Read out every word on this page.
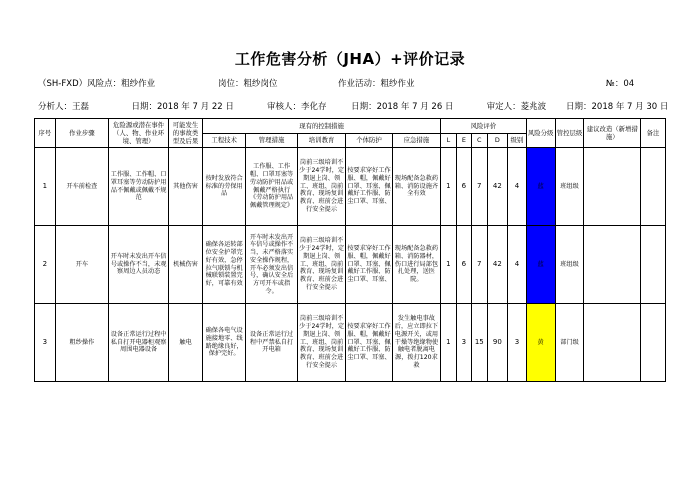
工作危害分析（JHA）+评价记录
（SH-FXD）风险点：粗纱作业	岗位：粗纱岗位	作业活动：粗纱作业	№：04
分析人：王磊	日期：2018 年 7 月 22 日	审核人：李化存	日期：2018 年 7 月 26 日	审定人：菱兆波	日期：2018 年 7 月 30 日
序号	作业步骤	危险源或潜在事件（人、物、作业环境、管理）	可能发生的事故类型及后果	现有的控制措施					风险评价					风险分级	管控层级	建议改造（新增措施）	备注
				工程技术	管理措施	培训教育	个体防护	应急措施	L	E	C	D	级别				
1	开车前检查	工作服、工作帽、口罩耳塞等劳动防护用品不佩戴或佩戴不规范	其他伤害	按时发放符合标准的劳保用品	工作服、工作帽、口罩耳塞等劳动防护用品或佩戴严格执行《劳动防护用品佩戴管理规定》	岗前三级培训不少于24学时，定期退上岗、领工、班组、岗前教育、现场复训教育、班前会进行安全提示	按要求穿好工作服、帽，佩戴好口罩、耳塞、佩戴好工作服、防尘口罩、耳塞、	现场配备急救药箱、消防设施齐全有效	1	6	7	42	4	蓝	班组级		
2	开车	开车时未发出开车信号或操作不当，未观察周边人员动态	机械伤害	确保各运转部位安全护罩完好有效，急停拉气联锁与机械联锁装置完好，可靠有效	开车时未发出开车信号或操作不当，未严格落实安全操作规程，开车必须发出信号，确认安全后方可开车或指令。	岗前三级培训不少于24学时，定期退上岗、领工、班组、岗前教育、现场复训教育、班前会进行安全提示	按要求穿好工作服、帽，佩戴好口罩、耳塞、佩戴好工作服、防尘口罩、耳塞、	现场配备急救药箱、消防器材，伤口进行局部包扎处理，送医院。	1	6	7	42	4	蓝	班组级		
3	粗纱操作	设备正常运行过程中私自打开电器柜观察周围电器设备	触电	确保各电气设施接地零、线路绝缘良好，保护完好。	设备正常运行过程中严禁私自打开电箱	岗前三级培训不少于24学时，定期退上岗、领工、班组、岗前教育、现场复训教育、班前会进行安全提示	按要求穿好工作服、帽，佩戴好口罩、耳塞、佩戴好工作服、防尘口罩、耳塞、	发生触电事故后，应立即拉下电源开关，或用干燥等绝缘物使触电者脱离电源，拨打120求救	1	3	15	90	3	黄	部门级		
